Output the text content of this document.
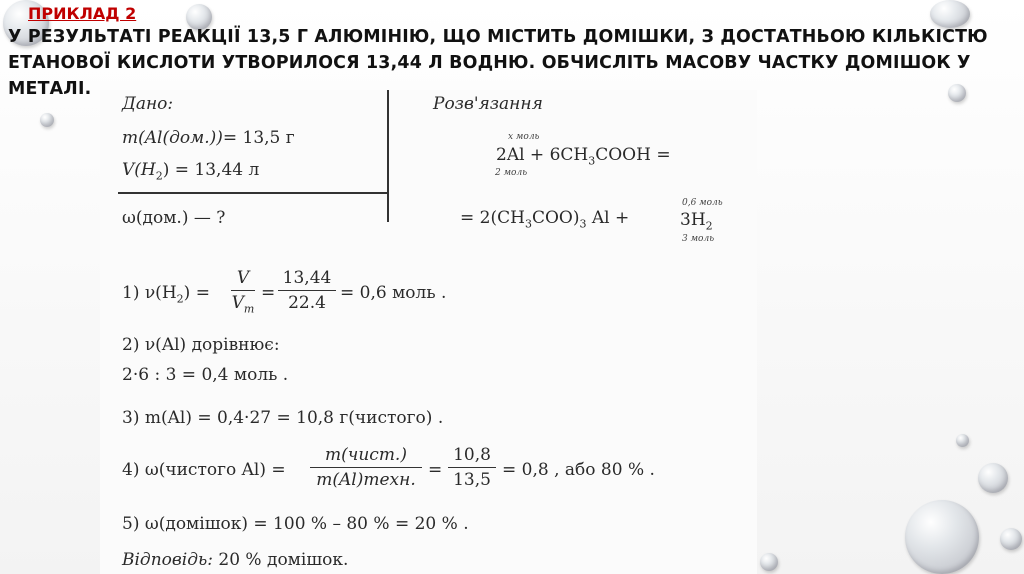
ПРИКЛАД 2
У РЕЗУЛЬТАТІ РЕАКЦІЇ 13,5 Г АЛЮМІНІЮ, ЩО МІСТИТЬ ДОМІШКИ, З ДОСТАТНЬОЮ КІЛЬКІСТЮ ЕТАНОВОЇ КИСЛОТИ УТВОРИЛОСЯ 13,44 Л ВОДНЮ. ОБЧИСЛІТЬ МАСОВУ ЧАСТКУ ДОМІШОК У МЕТАЛІ.
Дано:
m(Al(дом.))= 13,5 г
$V(H_2) = 13,44$ л
ω(дом.) — ?
Розв'язання
x моль
$2Al + 6CH_3COOH$ =
2 моль
= $2(CH_3COO)_3$ Al +
0,6 моль
$3H_2$
3 моль
1) $\nu(H_2)$ =
V
$V_m$
=
13,44
22.4 = 0,6 моль .
2) ν(Al) дорівнює:
2·6 : 3 = 0,4 моль .
3) m(Al) = 0,4·27 = 10,8 г(чистого) .
4) ω(чистого Al) =
m(чист.)
m(Al)техн. =
10,8
13,5 = 0,8 , або 80 % .
5) ω(домішок) = 100 % – 80 % = 20 % .
Відповідь: 20 % домішок.
